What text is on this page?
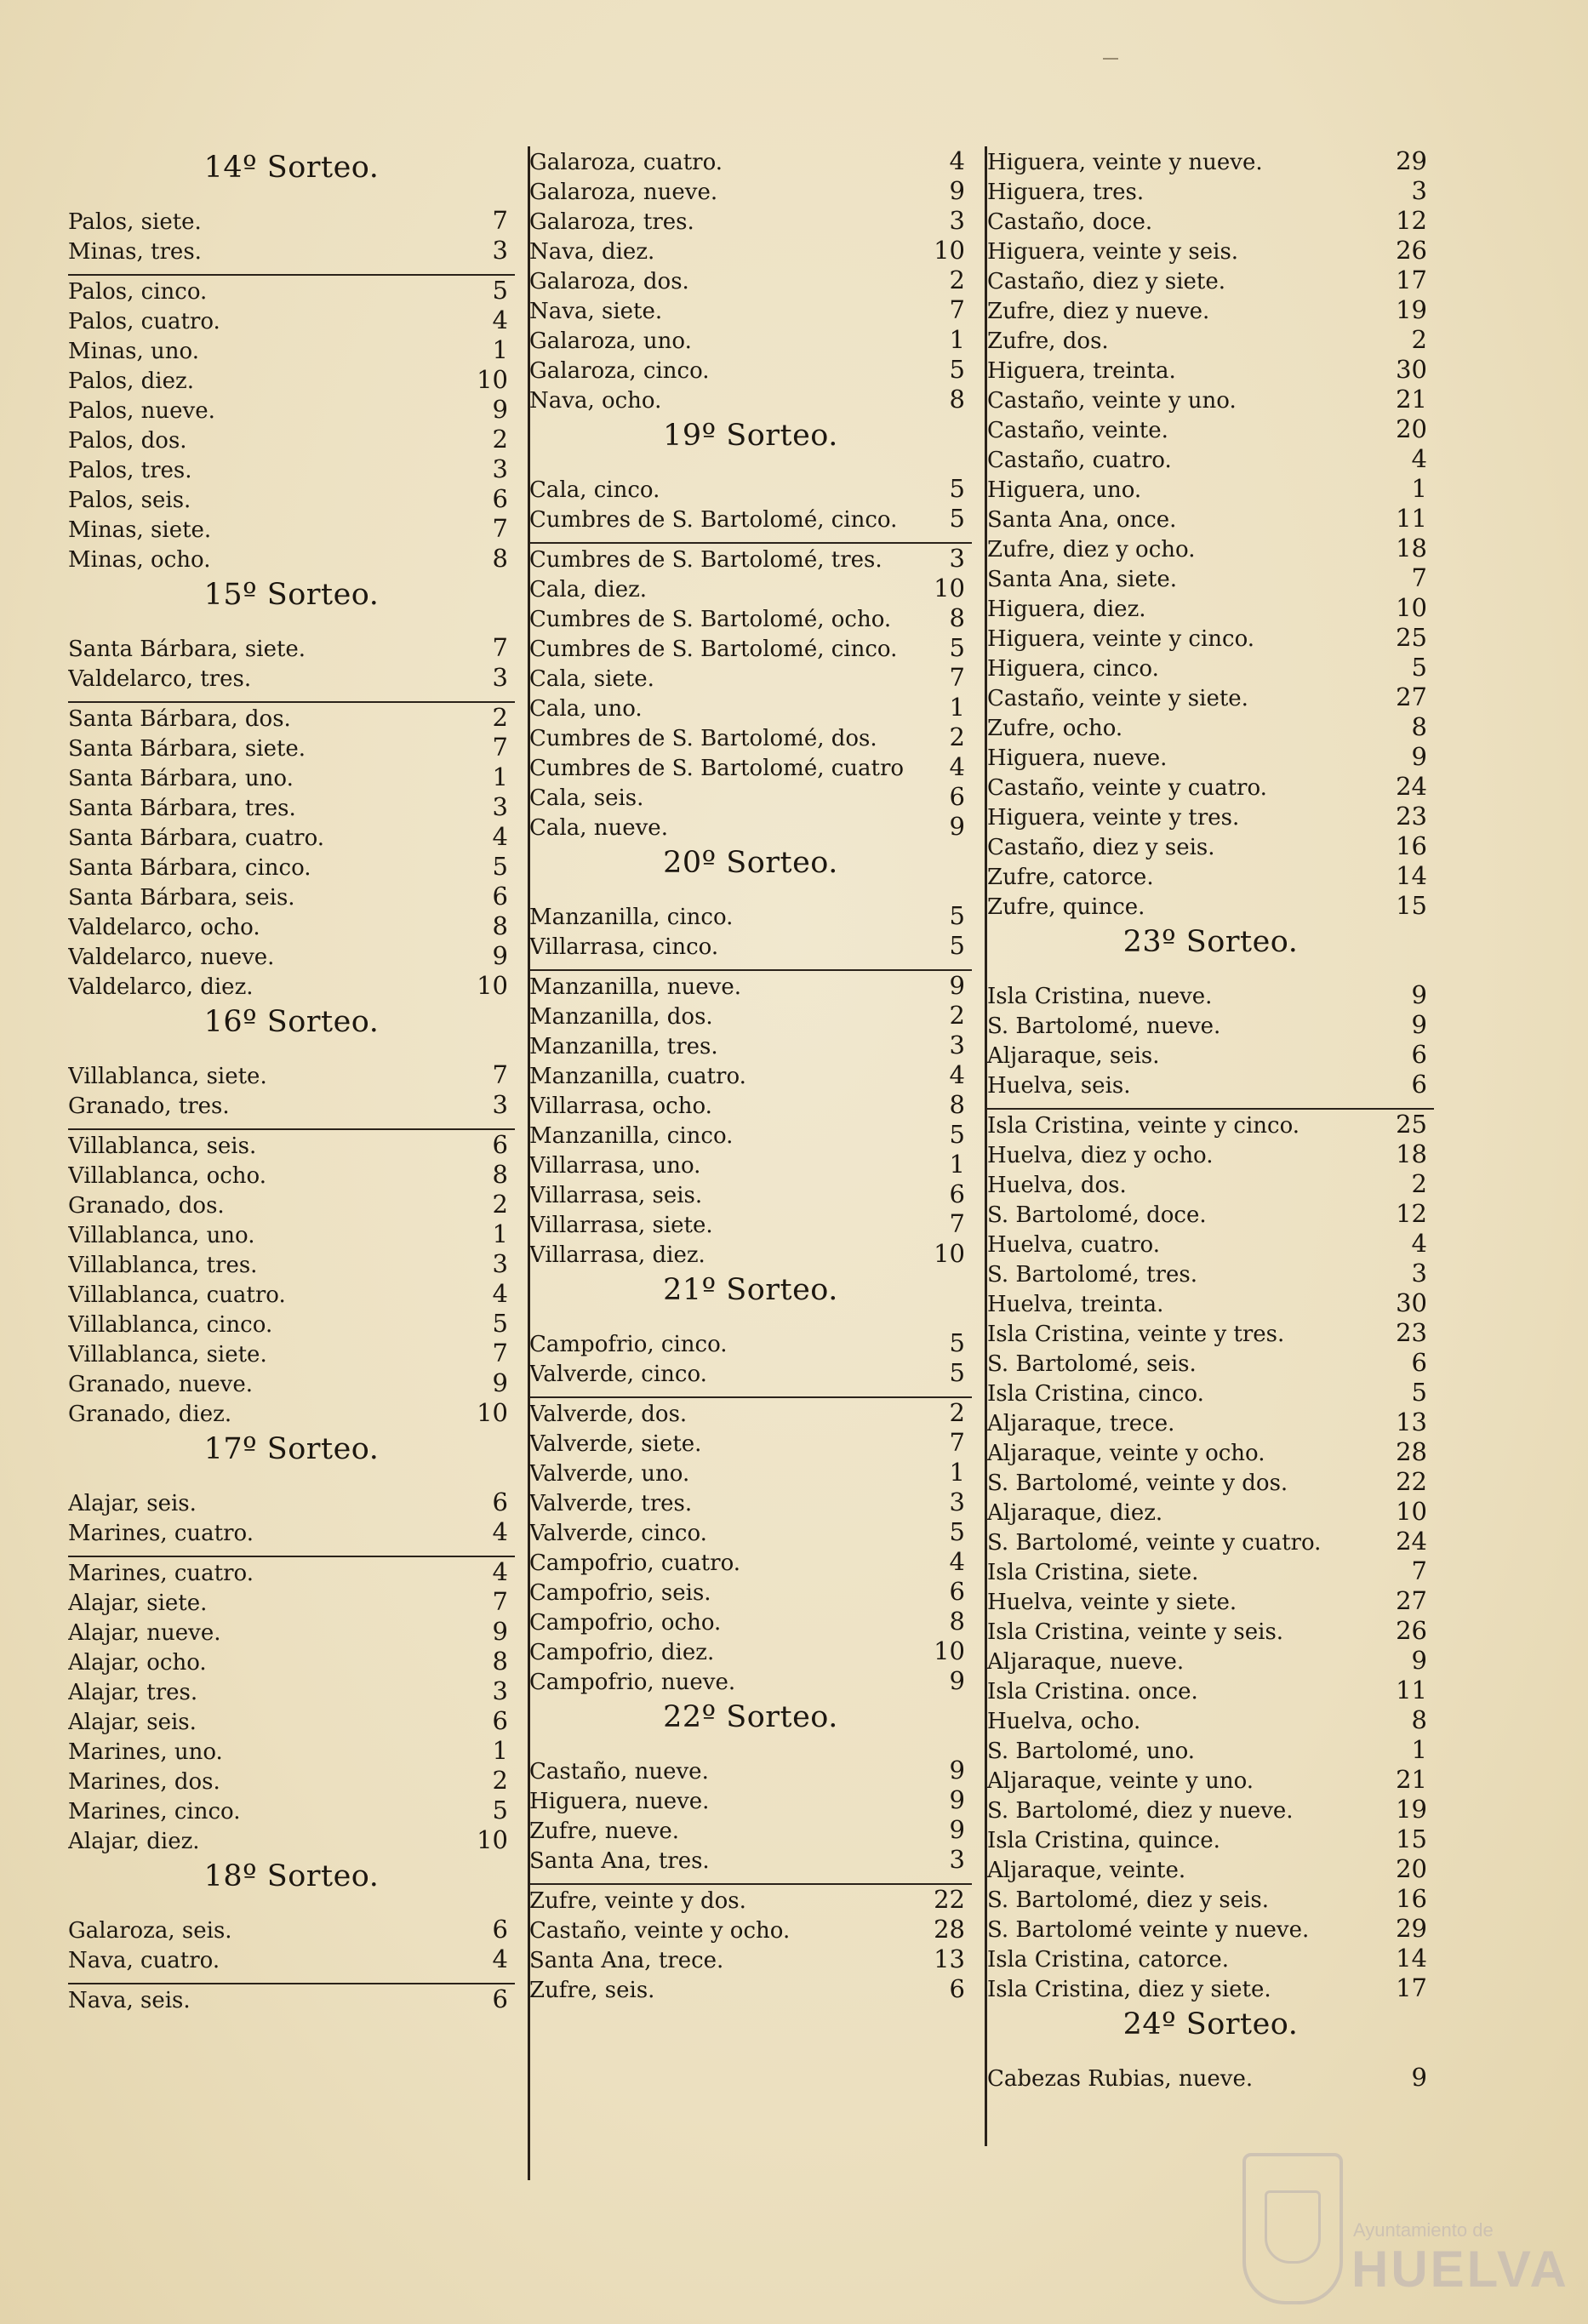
14º Sorteo.
Palos, siete.	7
Minas, tres.	3
Palos, cinco.	5
Palos, cuatro.	4
Minas, uno.	1
Palos, diez.	10
Palos, nueve.	9
Palos, dos.	2
Palos, tres.	3
Palos, seis.	6
Minas, siete.	7
Minas, ocho.	8
15º Sorteo.
Santa Bárbara, siete.	7
Valdelarco, tres.	3
Santa Bárbara, dos.	2
Santa Bárbara, siete.	7
Santa Bárbara, uno.	1
Santa Bárbara, tres.	3
Santa Bárbara, cuatro.	4
Santa Bárbara, cinco.	5
Santa Bárbara, seis.	6
Valdelarco, ocho.	8
Valdelarco, nueve.	9
Valdelarco, diez.	10
16º Sorteo.
Villablanca, siete.	7
Granado, tres.	3
Villablanca, seis.	6
Villablanca, ocho.	8
Granado, dos.	2
Villablanca, uno.	1
Villablanca, tres.	3
Villablanca, cuatro.	4
Villablanca, cinco.	5
Villablanca, siete.	7
Granado, nueve.	9
Granado, diez.	10
17º Sorteo.
Alajar, seis.	6
Marines, cuatro.	4
Marines, cuatro.	4
Alajar, siete.	7
Alajar, nueve.	9
Alajar, ocho.	8
Alajar, tres.	3
Alajar, seis.	6
Marines, uno.	1
Marines, dos.	2
Marines, cinco.	5
Alajar, diez.	10
18º Sorteo.
Galaroza, seis.	6
Nava, cuatro.	4
Nava, seis.	6
Galaroza, cuatro.	4
Galaroza, nueve.	9
Galaroza, tres.	3
Nava, diez.	10
Galaroza, dos.	2
Nava, siete.	7
Galaroza, uno.	1
Galaroza, cinco.	5
Nava, ocho.	8
19º Sorteo.
Cala, cinco.	5
Cumbres de S. Bartolomé, cinco.	5
Cumbres de S. Bartolomé, tres.	3
Cala, diez.	10
Cumbres de S. Bartolomé, ocho.	8
Cumbres de S. Bartolomé, cinco.	5
Cala, siete.	7
Cala, uno.	1
Cumbres de S. Bartolomé, dos.	2
Cumbres de S. Bartolomé, cuatro	4
Cala, seis.	6
Cala, nueve.	9
20º Sorteo.
Manzanilla, cinco.	5
Villarrasa, cinco.	5
Manzanilla, nueve.	9
Manzanilla, dos.	2
Manzanilla, tres.	3
Manzanilla, cuatro.	4
Villarrasa, ocho.	8
Manzanilla, cinco.	5
Villarrasa, uno.	1
Villarrasa, seis.	6
Villarrasa, siete.	7
Villarrasa, diez.	10
21º Sorteo.
Campofrio, cinco.	5
Valverde, cinco.	5
Valverde, dos.	2
Valverde, siete.	7
Valverde, uno.	1
Valverde, tres.	3
Valverde, cinco.	5
Campofrio, cuatro.	4
Campofrio, seis.	6
Campofrio, ocho.	8
Campofrio, diez.	10
Campofrio, nueve.	9
22º Sorteo.
Castaño, nueve.	9
Higuera, nueve.	9
Zufre, nueve.	9
Santa Ana, tres.	3
Zufre, veinte y dos.	22
Castaño, veinte y ocho.	28
Santa Ana, trece.	13
Zufre, seis.	6
Higuera, veinte y nueve.	29
Higuera, tres.	3
Castaño, doce.	12
Higuera, veinte y seis.	26
Castaño, diez y siete.	17
Zufre, diez y nueve.	19
Zufre, dos.	2
Higuera, treinta.	30
Castaño, veinte y uno.	21
Castaño, veinte.	20
Castaño, cuatro.	4
Higuera, uno.	1
Santa Ana, once.	11
Zufre, diez y ocho.	18
Santa Ana, siete.	7
Higuera, diez.	10
Higuera, veinte y cinco.	25
Higuera, cinco.	5
Castaño, veinte y siete.	27
Zufre, ocho.	8
Higuera, nueve.	9
Castaño, veinte y cuatro.	24
Higuera, veinte y tres.	23
Castaño, diez y seis.	16
Zufre, catorce.	14
Zufre, quince.	15
23º Sorteo.
Isla Cristina, nueve.	9
S. Bartolomé, nueve.	9
Aljaraque, seis.	6
Huelva, seis.	6
Isla Cristina, veinte y cinco.	25
Huelva, diez y ocho.	18
Huelva, dos.	2
S. Bartolomé, doce.	12
Huelva, cuatro.	4
S. Bartolomé, tres.	3
Huelva, treinta.	30
Isla Cristina, veinte y tres.	23
S. Bartolomé, seis.	6
Isla Cristina, cinco.	5
Aljaraque, trece.	13
Aljaraque, veinte y ocho.	28
S. Bartolomé, veinte y dos.	22
Aljaraque, diez.	10
S. Bartolomé, veinte y cuatro.	24
Isla Cristina, siete.	7
Huelva, veinte y siete.	27
Isla Cristina, veinte y seis.	26
Aljaraque, nueve.	9
Isla Cristina. once.	11
Huelva, ocho.	8
S. Bartolomé, uno.	1
Aljaraque, veinte y uno.	21
S. Bartolomé, diez y nueve.	19
Isla Cristina, quince.	15
Aljaraque, veinte.	20
S. Bartolomé, diez y seis.	16
S. Bartolomé veinte y nueve.	29
Isla Cristina, catorce.	14
Isla Cristina, diez y siete.	17
24º Sorteo.
Cabezas Rubias, nueve.	9
Ayuntamiento de
HUELVA
